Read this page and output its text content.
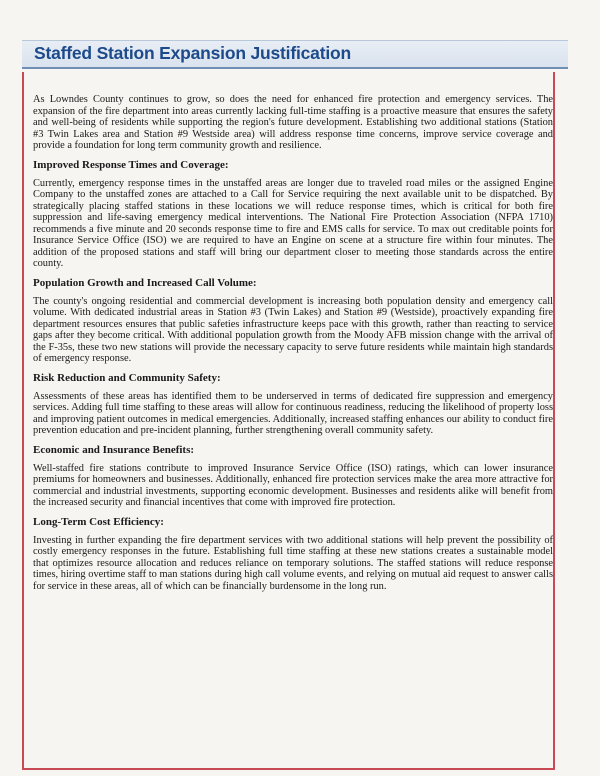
Staffed Station Expansion Justification

As Lowndes County continues to grow, so does the need for enhanced fire protection and emergency services. The expansion of the fire department into areas currently lacking full-time staffing is a proactive measure that ensures the safety and well-being of residents while supporting the region's future development. Establishing two additional stations (Station #3 Twin Lakes area and Station #9 Westside area) will address response time concerns, improve service coverage and provide a foundation for long term community growth and resilience.

Improved Response Times and Coverage:

Currently, emergency response times in the unstaffed areas are longer due to traveled road miles or the assigned Engine Company to the unstaffed zones are attached to a Call for Service requiring the next available unit to be dispatched. By strategically placing staffed stations in these locations we will reduce response times, which is critical for both fire suppression and life-saving emergency medical interventions. The National Fire Protection Association (NFPA 1710) recommends a five minute and 20 seconds response time to fire and EMS calls for service. To max out creditable points for Insurance Service Office (ISO) we are required to have an Engine on scene at a structure fire within four minutes. The addition of the proposed stations and staff will bring our department closer to meeting those standards across the entire county.

Population Growth and Increased Call Volume:

The county's ongoing residential and commercial development is increasing both population density and emergency call volume. With dedicated industrial areas in Station #3 (Twin Lakes) and Station #9 (Westside), proactively expanding fire department resources ensures that public safeties infrastructure keeps pace with this growth, rather than reacting to service gaps after they become critical. With additional population growth from the Moody AFB mission change with the arrival of the F-35s, these two new stations will provide the necessary capacity to serve future residents while maintain high standards of emergency response.

Risk Reduction and Community Safety:

Assessments of these areas has identified them to be underserved in terms of dedicated fire suppression and emergency services. Adding full time staffing to these areas will allow for continuous readiness, reducing the likelihood of property loss and improving patient outcomes in medical emergencies. Additionally, increased staffing enhances our ability to conduct fire prevention education and pre-incident planning, further strengthening overall community safety.

Economic and Insurance Benefits:

Well-staffed fire stations contribute to improved Insurance Service Office (ISO) ratings, which can lower insurance premiums for homeowners and businesses. Additionally, enhanced fire protection services make the area more attractive for commercial and industrial investments, supporting economic development. Businesses and residents alike will benefit from the increased security and financial incentives that come with improved fire protection.

Long-Term Cost Efficiency:

Investing in further expanding the fire department services with two additional stations will help prevent the possibility of costly emergency responses in the future. Establishing full time staffing at these new stations creates a sustainable model that optimizes resource allocation and reduces reliance on temporary solutions. The staffed stations will reduce response times, hiring overtime staff to man stations during high call volume events, and relying on mutual aid request to answer calls for service in these areas, all of which can be financially burdensome in the long run.
